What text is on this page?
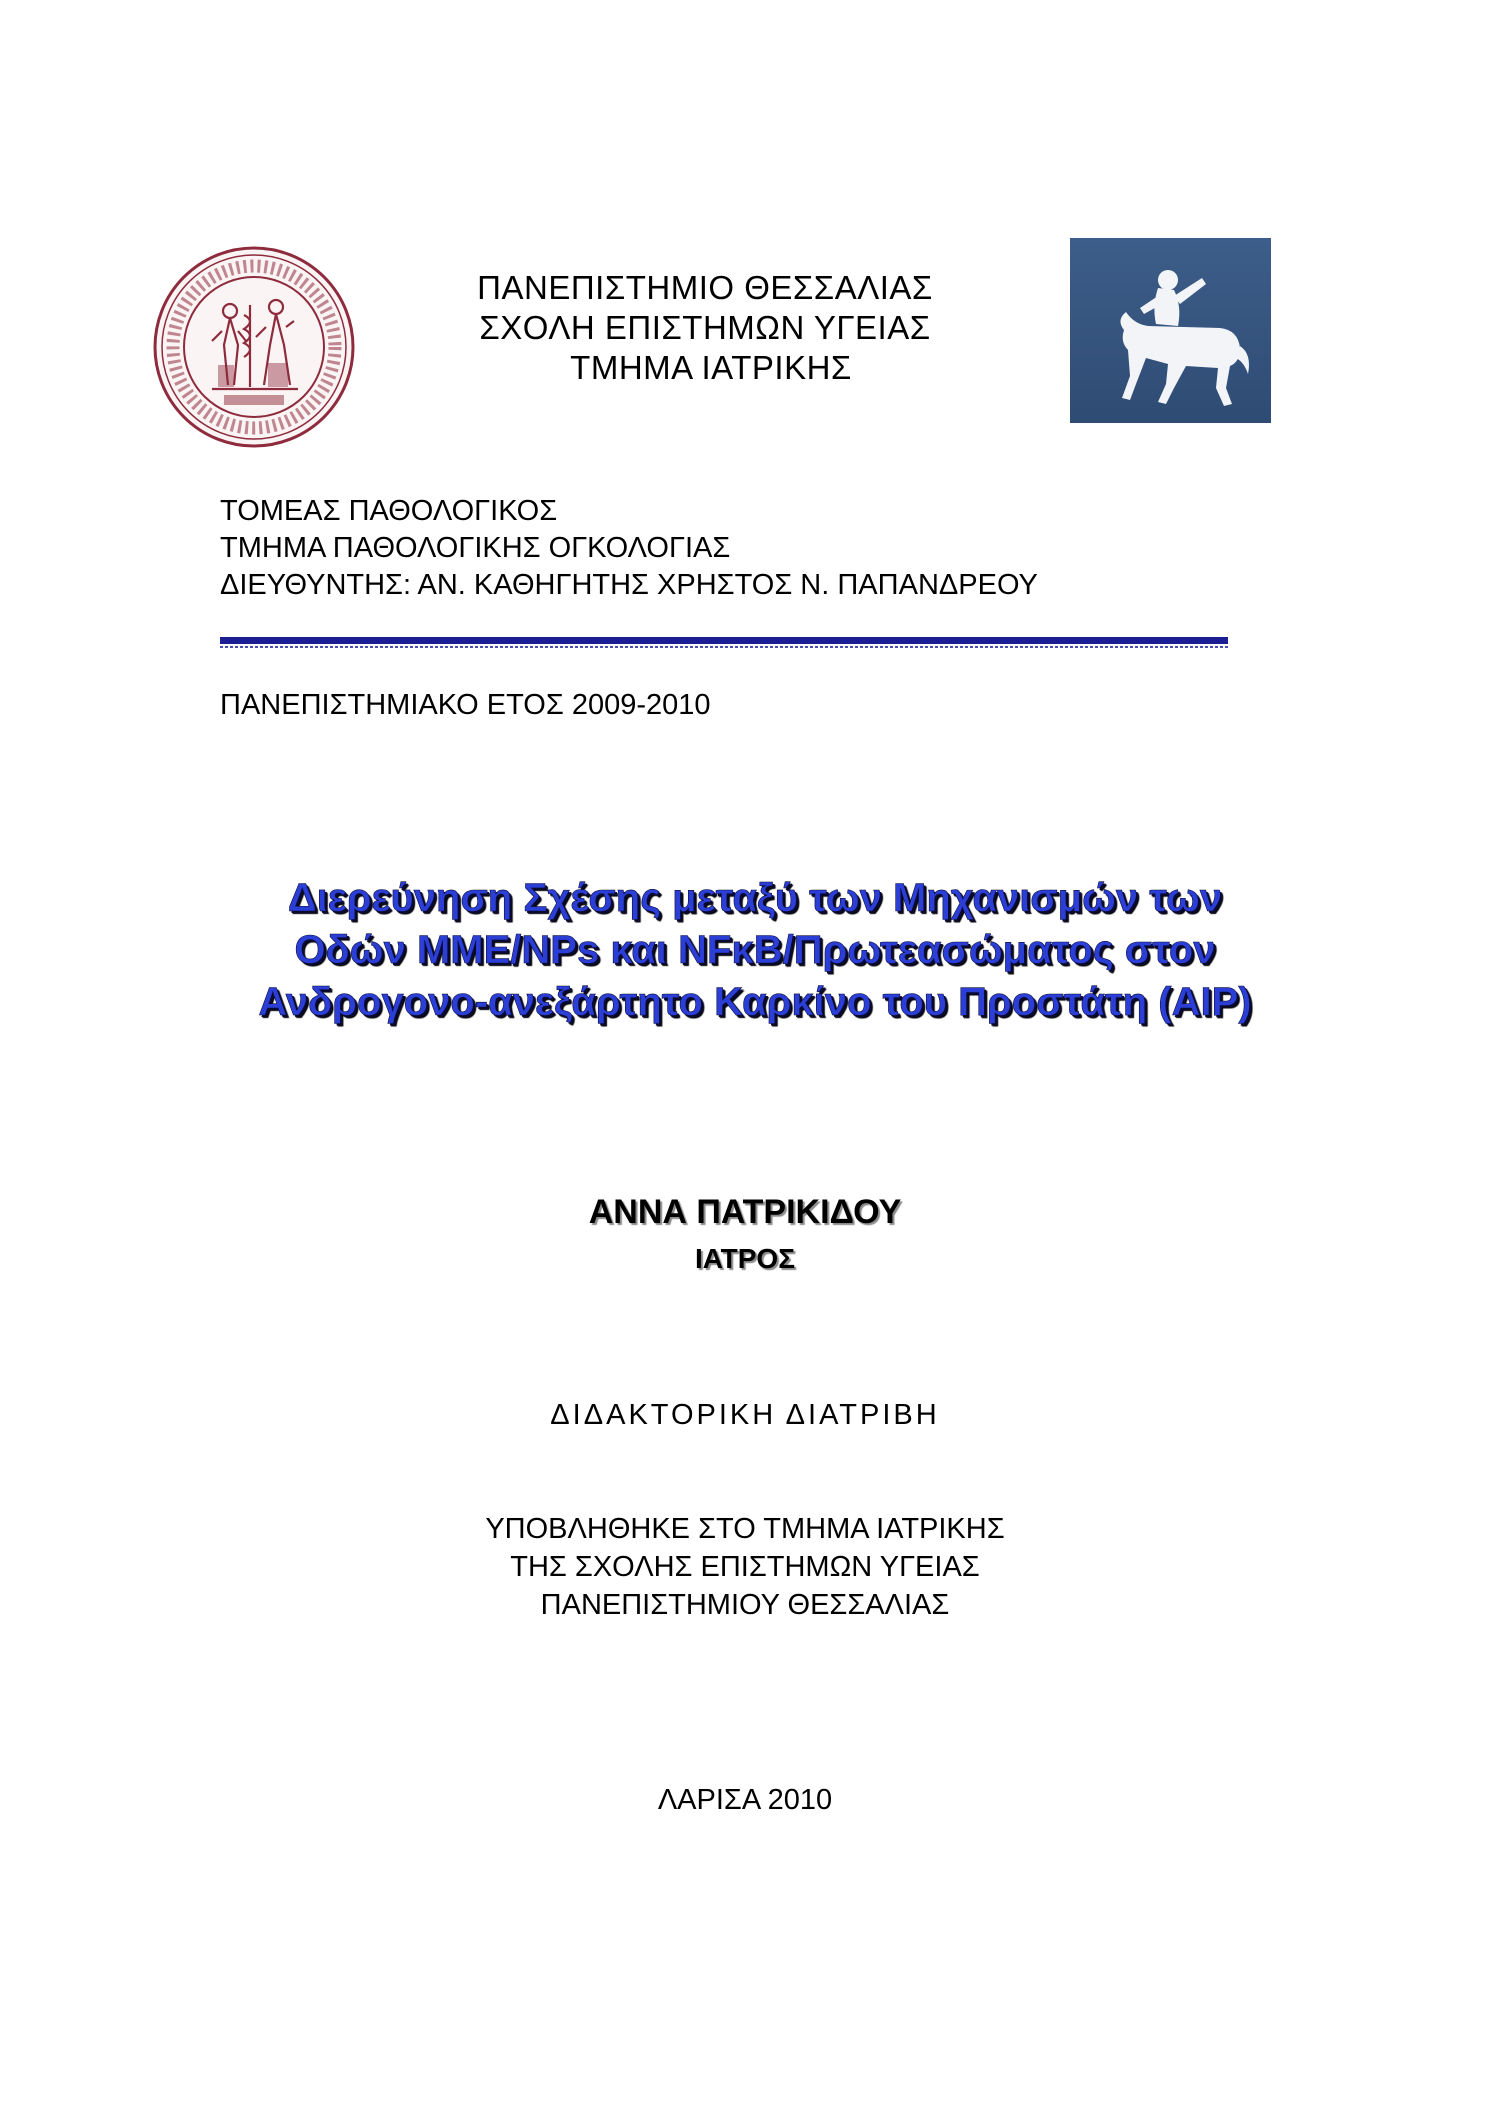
ΠΑΝΕΠΙΣΤΗΜΙΟ ΘΕΣΣΑΛΙΑΣ
ΣΧΟΛΗ ΕΠΙΣΤΗΜΩΝ ΥΓΕΙΑΣ
ΤΜΗΜΑ ΙΑΤΡΙΚΗΣ
ΤΟΜΕΑΣ ΠΑΘΟΛΟΓΙΚΟΣ
ΤΜΗΜΑ ΠΑΘΟΛΟΓΙΚΗΣ ΟΓΚΟΛΟΓΙΑΣ
ΔΙΕΥΘΥΝΤΗΣ: ΑΝ. ΚΑΘΗΓΗΤΗΣ ΧΡΗΣΤΟΣ Ν. ΠΑΠΑΝΔΡΕΟΥ
ΠΑΝΕΠΙΣΤΗΜΙΑΚΟ ΕΤΟΣ 2009-2010
Διερεύνηση Σχέσης μεταξύ των Μηχανισμών των
Οδών MME/NPs και NFκB/Πρωτεασώματος στον
Ανδρογονο-ανεξάρτητο Καρκίνο του Προστάτη (AIP)
ΑΝΝΑ ΠΑΤΡΙΚΙΔΟΥ
ΙΑΤΡΟΣ
ΔΙΔΑΚΤΟΡΙΚΗ ΔΙΑΤΡΙΒΗ
ΥΠΟΒΛΗΘΗΚΕ ΣΤΟ ΤΜΗΜΑ ΙΑΤΡΙΚΗΣ
ΤΗΣ ΣΧΟΛΗΣ ΕΠΙΣΤΗΜΩΝ ΥΓΕΙΑΣ
ΠΑΝΕΠΙΣΤΗΜΙΟΥ ΘΕΣΣΑΛΙΑΣ
ΛΑΡΙΣΑ 2010
